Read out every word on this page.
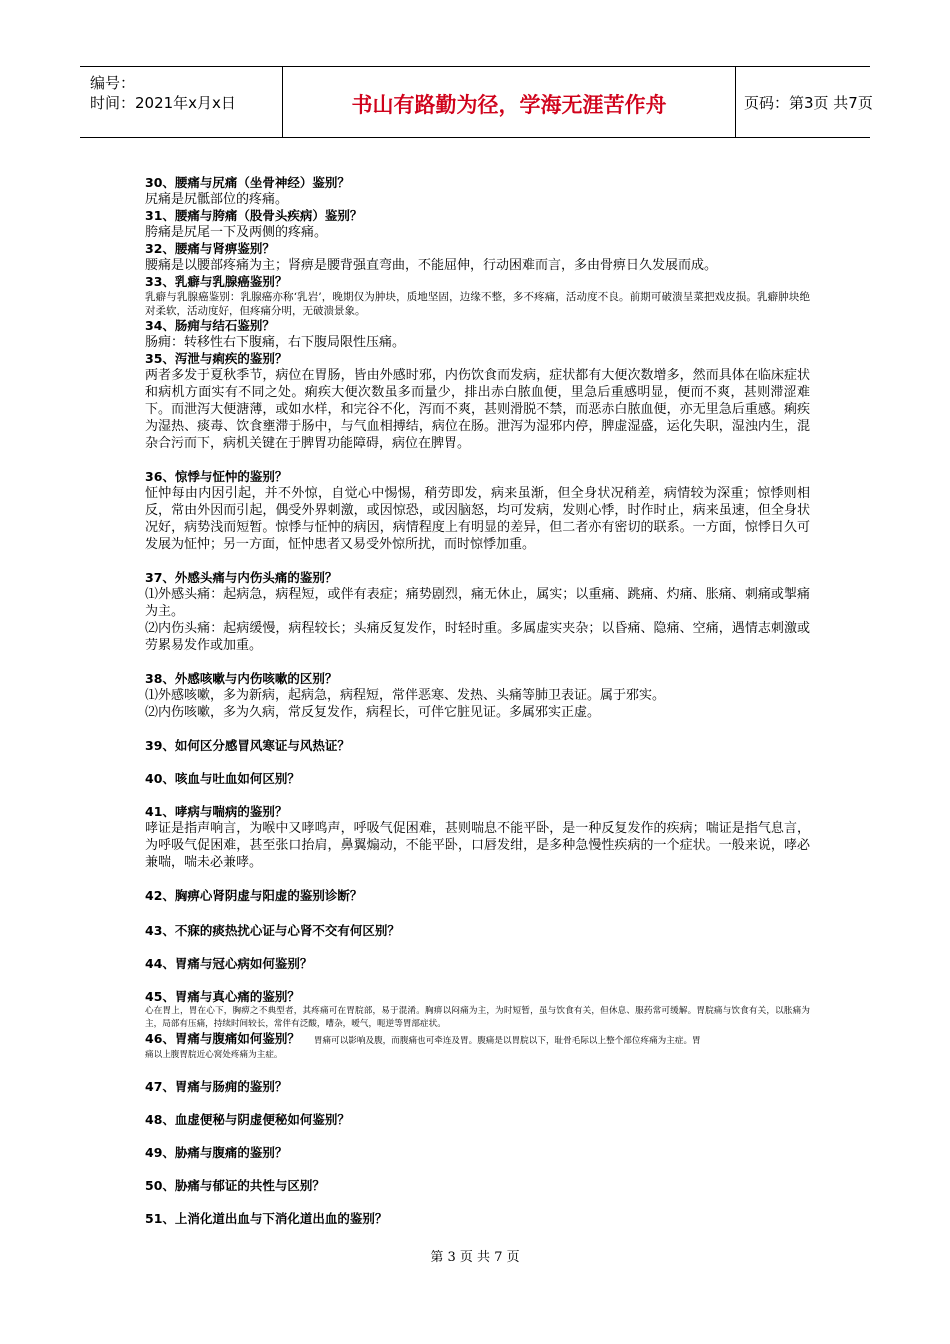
编号：
时间：2021年x月x日	书山有路勤为径，学海无涯苦作舟	页码：第3页 共7页
30、腰痛与尻痛（坐骨神经）鉴别？
尻痛是尻骶部位的疼痛。
31、腰痛与胯痛（股骨头疾病）鉴别？
胯痛是尻尾一下及两侧的疼痛。
32、腰痛与肾痹鉴别？
腰痛是以腰部疼痛为主；肾痹是腰背强直弯曲，不能屈伸，行动困难而言，多由骨痹日久发展而成。
33、乳癖与乳腺癌鉴别？
乳癖与乳腺癌鉴别：乳腺癌亦称‘乳岩’，晚期仅为肿块，质地坚固，边缘不整，多不疼痛，活动度不良。前期可破溃呈菜把戏皮损。乳癖肿块绝对柔软，活动度好，但疼痛分明，无破溃景象。
34、肠痈与结石鉴别？
肠痈：转移性右下腹痛，右下腹局限性压痛。
35、泻泄与痢疾的鉴别？
两者多发于夏秋季节，病位在胃肠，皆由外感时邪，内伤饮食而发病，症状都有大便次数增多，然而具体在临床症状和病机方面实有不同之处。痢疾大便次数虽多而量少，排出赤白脓血便，里急后重感明显，便而不爽，甚则滞涩难下。而泄泻大便溏薄，或如水样，和完谷不化，泻而不爽，甚则滑脱不禁，而恶赤白脓血便，亦无里急后重感。痢疾为湿热、痰毒、饮食壅滞于肠中，与气血相搏结，病位在肠。泄泻为湿邪内停，脾虚湿盛，运化失职，湿浊内生，混杂合污而下，病机关键在于脾胃功能障碍，病位在脾胃。
36、惊悸与怔忡的鉴别？
怔忡每由内因引起，并不外惊，自觉心中惕惕，稍劳即发，病来虽渐，但全身状况稍差，病情较为深重；惊悸则相反，常由外因而引起，偶受外界刺激，或因惊恐，或因脑怒，均可发病，发则心悸，时作时止，病来虽速，但全身状况好，病势浅而短暂。惊悸与怔忡的病因，病情程度上有明显的差异，但二者亦有密切的联系。一方面，惊悸日久可发展为怔忡；另一方面，怔忡患者又易受外惊所扰，而时惊悸加重。
37、外感头痛与内伤头痛的鉴别？
⑴外感头痛：起病急，病程短，或伴有表症；痛势剧烈，痛无休止，属实；以重痛、跳痛、灼痛、胀痛、刺痛或掣痛为主。
⑵内伤头痛：起病缓慢，病程较长；头痛反复发作，时轻时重。多属虚实夹杂；以昏痛、隐痛、空痛，遇情志刺激或劳累易发作或加重。
38、外感咳嗽与内伤咳嗽的区别？
⑴外感咳嗽，多为新病，起病急，病程短，常伴恶寒、发热、头痛等肺卫表证。属于邪实。
⑵内伤咳嗽，多为久病，常反复发作，病程长，可伴它脏见证。多属邪实正虚。
39、如何区分感冒风寒证与风热证？
40、咳血与吐血如何区别？
41、哮病与喘病的鉴别？
哮证是指声响言，为喉中又哮鸣声，呼吸气促困难，甚则喘息不能平卧，是一种反复发作的疾病；喘证是指气息言，为呼吸气促困难，甚至张口抬肩，鼻翼煽动，不能平卧，口唇发绀，是多种急慢性疾病的一个症状。一般来说，哮必兼喘，喘未必兼哮。
42、胸痹心肾阴虚与阳虚的鉴别诊断？
43、不寐的痰热扰心证与心肾不交有何区别？
44、胃痛与冠心病如何鉴别？
45、胃痛与真心痛的鉴别？
心在胃上，胃在心下，胸痹之不典型者，其疼痛可在胃脘部，易于混淆。胸痹以闷痛为主，为时短暂，虽与饮食有关，但休息、服药常可缓解。胃脘痛与饮食有关，以胀痛为主，局部有压痛，持续时间较长，常伴有泛酸，嘈杂，嗳气，呃逆等胃部症状。
46、胃痛与腹痛如何鉴别？ 胃痛可以影响及腹，而腹痛也可牵连及胃。腹痛是以胃脘以下，耻骨毛际以上整个部位疼痛为主症。胃
痛以上腹胃脘近心窝处疼痛为主症。
47、胃痛与肠痈的鉴别？
48、血虚便秘与阴虚便秘如何鉴别？
49、胁痛与腹痛的鉴别？
50、胁痛与郁证的共性与区别？
51、上消化道出血与下消化道出血的鉴别？
第 3 页 共 7 页
